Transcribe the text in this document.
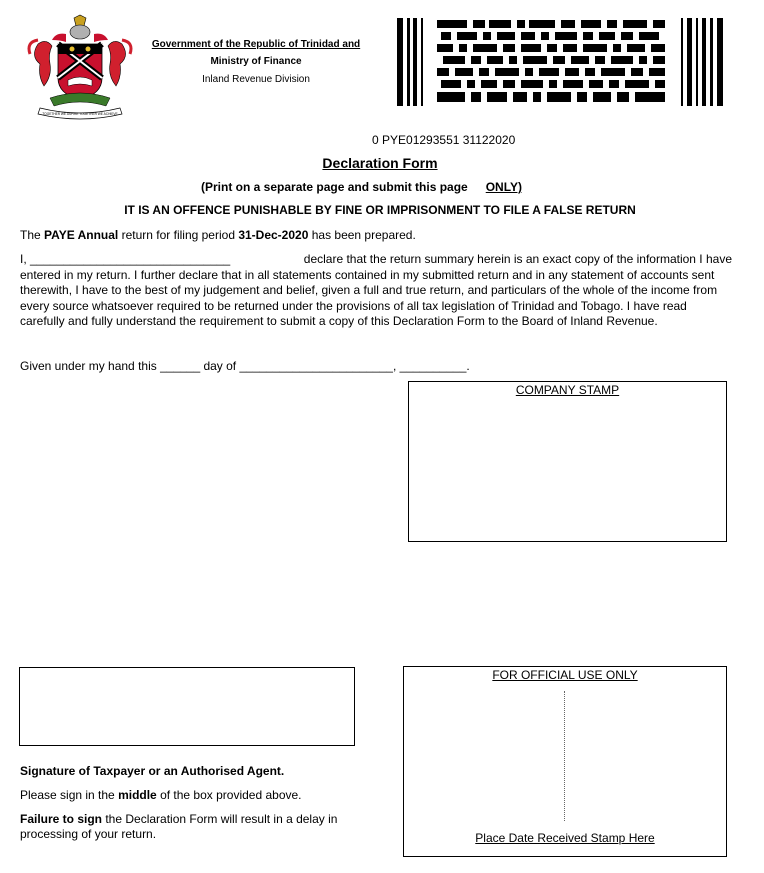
TOGETHER WE ASPIRE TOGETHER WE ACHIEVE
Government of the Republic of Trinidad and
Ministry of Finance
Inland Revenue Division
0 PYE01293551 31122020
Declaration Form
(Print on a separate page and submit this page ONLY)
IT IS AN OFFENCE PUNISHABLE BY FINE OR IMPRISONMENT TO FILE A FALSE RETURN
The PAYE Annual return for filing period 31-Dec-2020 has been prepared.
I, ______________________________	declare that the return summary herein is an exact copy of the information I have
entered in my return. I further declare that in all statements contained in my submitted return and in any statement of accounts sent therewith, I have to the best of my judgement and belief, given a full and true return, and particulars of the whole of the income from every source whatsoever required to be returned under the provisions of all tax legislation of Trinidad and Tobago. I have read carefully and fully understand the requirement to submit a copy of this Declaration Form to the Board of Inland Revenue.
Given under my hand this ______ day of _______________________, __________.
COMPANY STAMP
FOR OFFICIAL USE ONLY
Place Date Received Stamp Here
Signature of Taxpayer or an Authorised Agent.
Please sign in the middle of the box provided above.
Failure to sign the Declaration Form will result in a delay in processing of your return.
